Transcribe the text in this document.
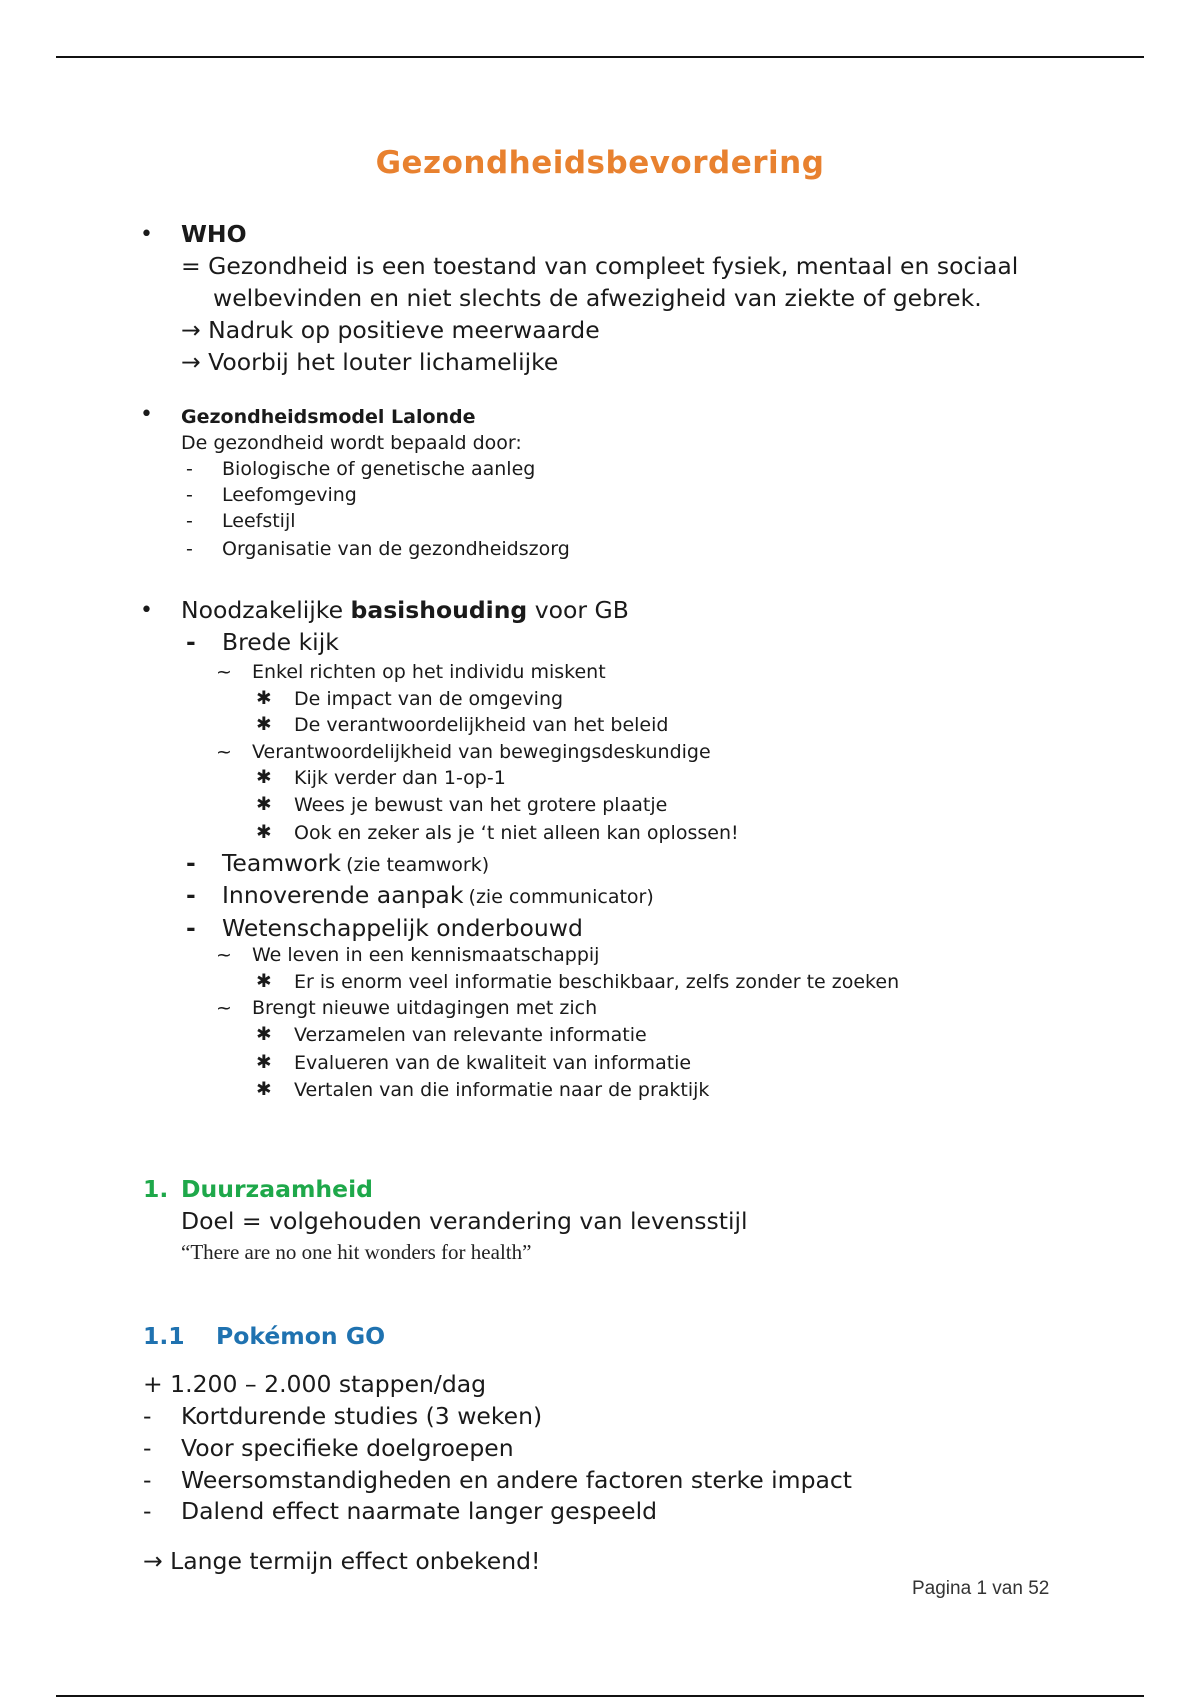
Gezondheidsbevordering
• WHO
= Gezondheid is een toestand van compleet fysiek, mentaal en sociaal
welbevinden en niet slechts de afwezigheid van ziekte of gebrek.
→ Nadruk op positieve meerwaarde
→ Voorbij het louter lichamelijke
• Gezondheidsmodel Lalonde
De gezondheid wordt bepaald door:
- Biologische of genetische aanleg
- Leefomgeving
- Leefstijl
- Organisatie van de gezondheidszorg
• Noodzakelijke basishouding voor GB
- Brede kijk
~ Enkel richten op het individu miskent
✱ De impact van de omgeving
✱ De verantwoordelijkheid van het beleid
~ Verantwoordelijkheid van bewegingsdeskundige
✱ Kijk verder dan 1-op-1
✱ Wees je bewust van het grotere plaatje
✱ Ook en zeker als je ‘t niet alleen kan oplossen!
- Teamwork (zie teamwork)
- Innoverende aanpak (zie communicator)
- Wetenschappelijk onderbouwd
~ We leven in een kennismaatschappij
✱ Er is enorm veel informatie beschikbaar, zelfs zonder te zoeken
~ Brengt nieuwe uitdagingen met zich
✱ Verzamelen van relevante informatie
✱ Evalueren van de kwaliteit van informatie
✱ Vertalen van die informatie naar de praktijk
1. Duurzaamheid
Doel = volgehouden verandering van levensstijl
“There are no one hit wonders for health”
1.1 Pokémon GO
+ 1.200 – 2.000 stappen/dag
- Kortdurende studies (3 weken)
- Voor specifieke doelgroepen
- Weersomstandigheden en andere factoren sterke impact
- Dalend effect naarmate langer gespeeld
→ Lange termijn effect onbekend!
Pagina 1 van 52
